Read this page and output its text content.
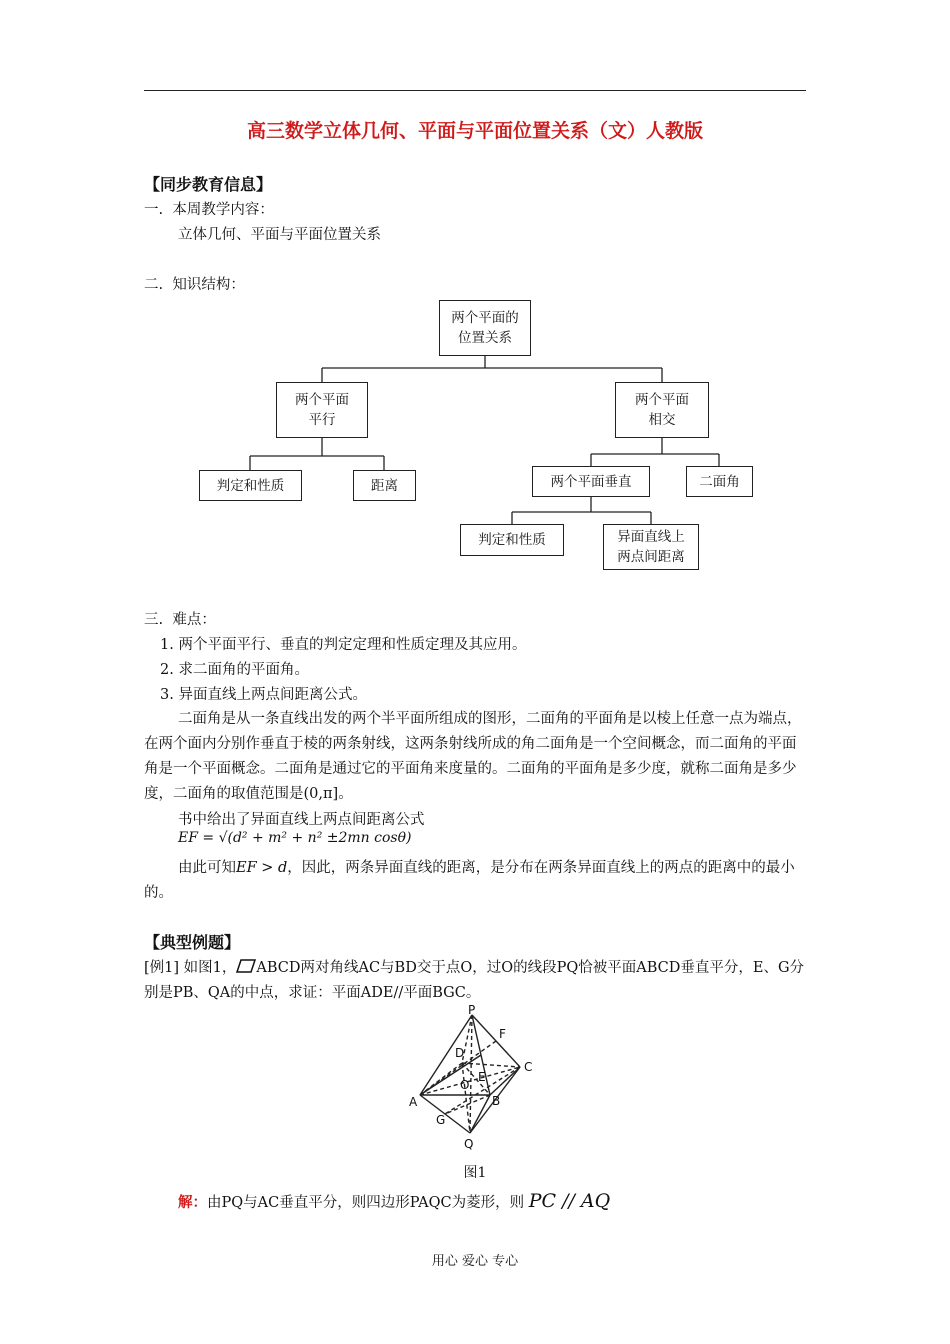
高三数学立体几何、平面与平面位置关系（文）人教版
【同步教育信息】
一. 本周教学内容：
立体几何、平面与平面位置关系
二. 知识结构：
两个平面的
位置关系
两个平面
平行
两个平面
相交
判定和性质	距离	两个平面垂直	二面角
判定和性质	异面直线上
两点间距离
三. 难点：
1. 两个平面平行、垂直的判定定理和性质定理及其应用。
2. 求二面角的平面角。
3. 异面直线上两点间距离公式。
二面角是从一条直线出发的两个半平面所组成的图形，二面角的平面角是以棱上任意一点为端点，在两个面内分别作垂直于棱的两条射线，这两条射线所成的角二面角是一个空间概念，而二面角的平面角是一个平面概念。二面角是通过它的平面角来度量的。二面角的平面角是多少度，就称二面角是多少度，二面角的取值范围是(0,π]。
书中给出了异面直线上两点间距离公式
EF = √(d² + m² + n² ±2mn cosθ)
由此可知EF > d，因此，两条异面直线的距离，是分布在两条异面直线上的两点的距离中的最小的。
【典型例题】
[例1] 如图1， ABCD两对角线AC与BD交于点O，过O的线段PQ恰被平面ABCD垂直平分，E、G分别是PB、QA的中点，求证：平面ADE//平面BGC。
P
F
D
C
E
O
A	B
G
Q
图1
解：由PQ与AC垂直平分，则四边形PAQC为菱形，则 PC // AQ
用心 爱心 专心
